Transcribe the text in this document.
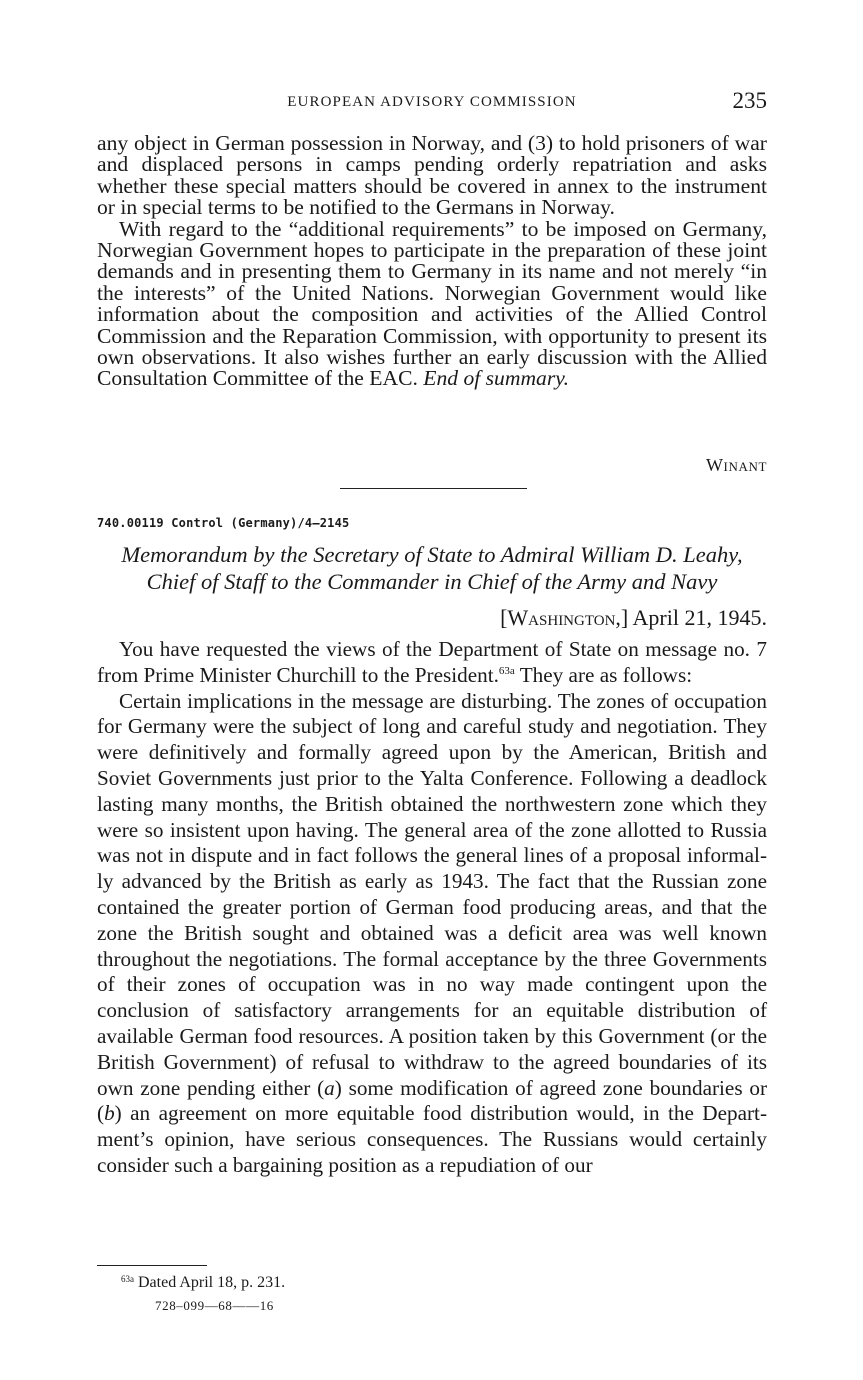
EUROPEAN ADVISORY COMMISSION	235

any object in German possession in Norway, and (3) to hold prisoners of war and displaced persons in camps pending orderly repatriation and asks whether these special matters should be covered in annex to the instrument or in special terms to be notified to the Germans in Norway.

With regard to the “additional requirements” to be imposed on Germany, Norwegian Government hopes to participate in the preparation of these joint demands and in presenting them to Germany in its name and not merely “in the interests” of the United Nations. Norwegian Government would like information about the composition and activities of the Allied Control Commission and the Reparation Commission, with opportunity to present its own observations. It also wishes further an early discussion with the Allied Consultation Committee of the EAC. End of summary.

Winant
740.00119 Control (Germany)/4–2145
Memorandum by the Secretary of State to Admiral William D. Leahy,
Chief of Staff to the Commander in Chief of the Army and Navy
[Washington,] April 21, 1945.

You have requested the views of the Department of State on message no. 7 from Prime Minister Churchill to the President.$^{63a}$ They are as follows:

Certain implications in the message are disturbing. The zones of occupation for Germany were the subject of long and careful study and negotiation. They were definitively and formally agreed upon by the American, British and Soviet Governments just prior to the Yalta Conference. Following a deadlock lasting many months, the British obtained the northwestern zone which they were so insistent upon having. The general area of the zone allotted to Russia was not in dispute and in fact follows the general lines of a proposal informally advanced by the British as early as 1943. The fact that the Russian zone contained the greater portion of German food producing areas, and that the zone the British sought and obtained was a deficit area was well known throughout the negotiations. The formal acceptance by the three Governments of their zones of occupation was in no way made contingent upon the conclusion of satisfactory arrangements for an equitable distribution of available German food resources. A position taken by this Government (or the British Government) of refusal to withdraw to the agreed boundaries of its own zone pending either (a) some modification of agreed zone boundaries or (b) an agreement on more equitable food distribution would, in the Department’s opinion, have serious consequences. The Russians would certainly consider such a bargaining position as a repudiation of our

$^{63a}$ Dated April 18, p. 231.
728–099—68——16
